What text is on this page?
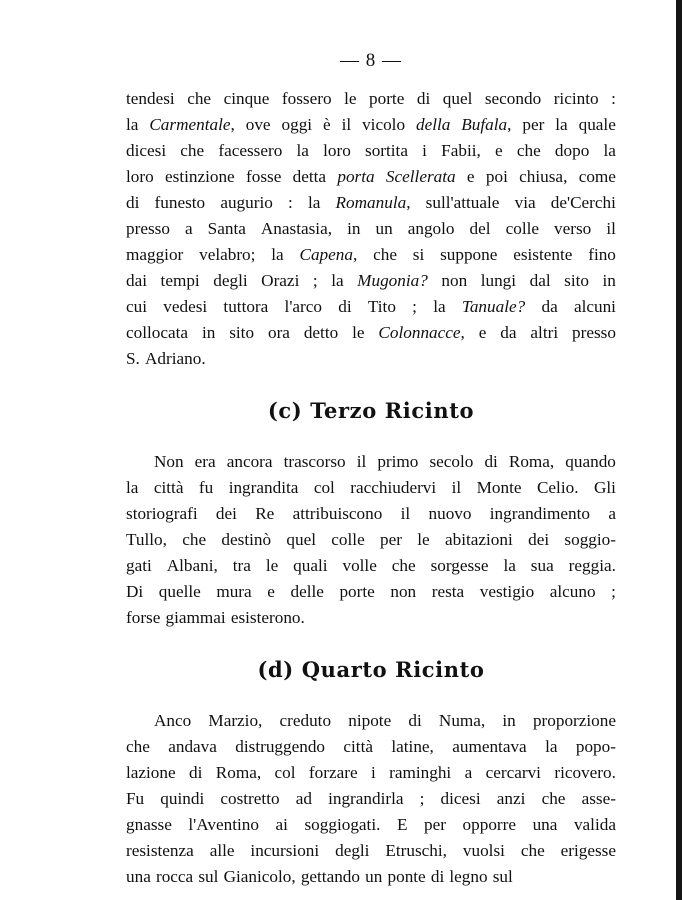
— 8 —
tendesi che cinque fossero le porte di quel secondo ricinto :
la Carmentale, ove oggi è il vicolo della Bufala, per la quale
dicesi che facessero la loro sortita i Fabii, e che dopo la
loro estinzione fosse detta porta Scellerata e poi chiusa, come
di funesto augurio : la Romanula, sull'attuale via de'Cerchi
presso a Santa Anastasia, in un angolo del colle verso il
maggior velabro; la Capena, che si suppone esistente fino
dai tempi degli Orazi ; la Mugonia? non lungi dal sito in
cui vedesi tuttora l'arco di Tito ; la Tanuale? da alcuni
collocata in sito ora detto le Colonnacce, e da altri presso
S. Adriano.
(c) Terzo Ricinto
Non era ancora trascorso il primo secolo di Roma, quando
la città fu ingrandita col racchiudervi il Monte Celio. Gli
storiografi dei Re attribuiscono il nuovo ingrandimento a
Tullo, che destinò quel colle per le abitazioni dei soggio-
gati Albani, tra le quali volle che sorgesse la sua reggia.
Di quelle mura e delle porte non resta vestigio alcuno ;
forse giammai esisterono.
(d) Quarto Ricinto
Anco Marzio, creduto nipote di Numa, in proporzione
che andava distruggendo città latine, aumentava la popo-
lazione di Roma, col forzare i raminghi a cercarvi ricovero.
Fu quindi costretto ad ingrandirla ; dicesi anzi che asse-
gnasse l'Aventino ai soggiogati. E per opporre una valida
resistenza alle incursioni degli Etruschi, vuolsi che erigesse
una rocca sul Gianicolo, gettando un ponte di legno sul
